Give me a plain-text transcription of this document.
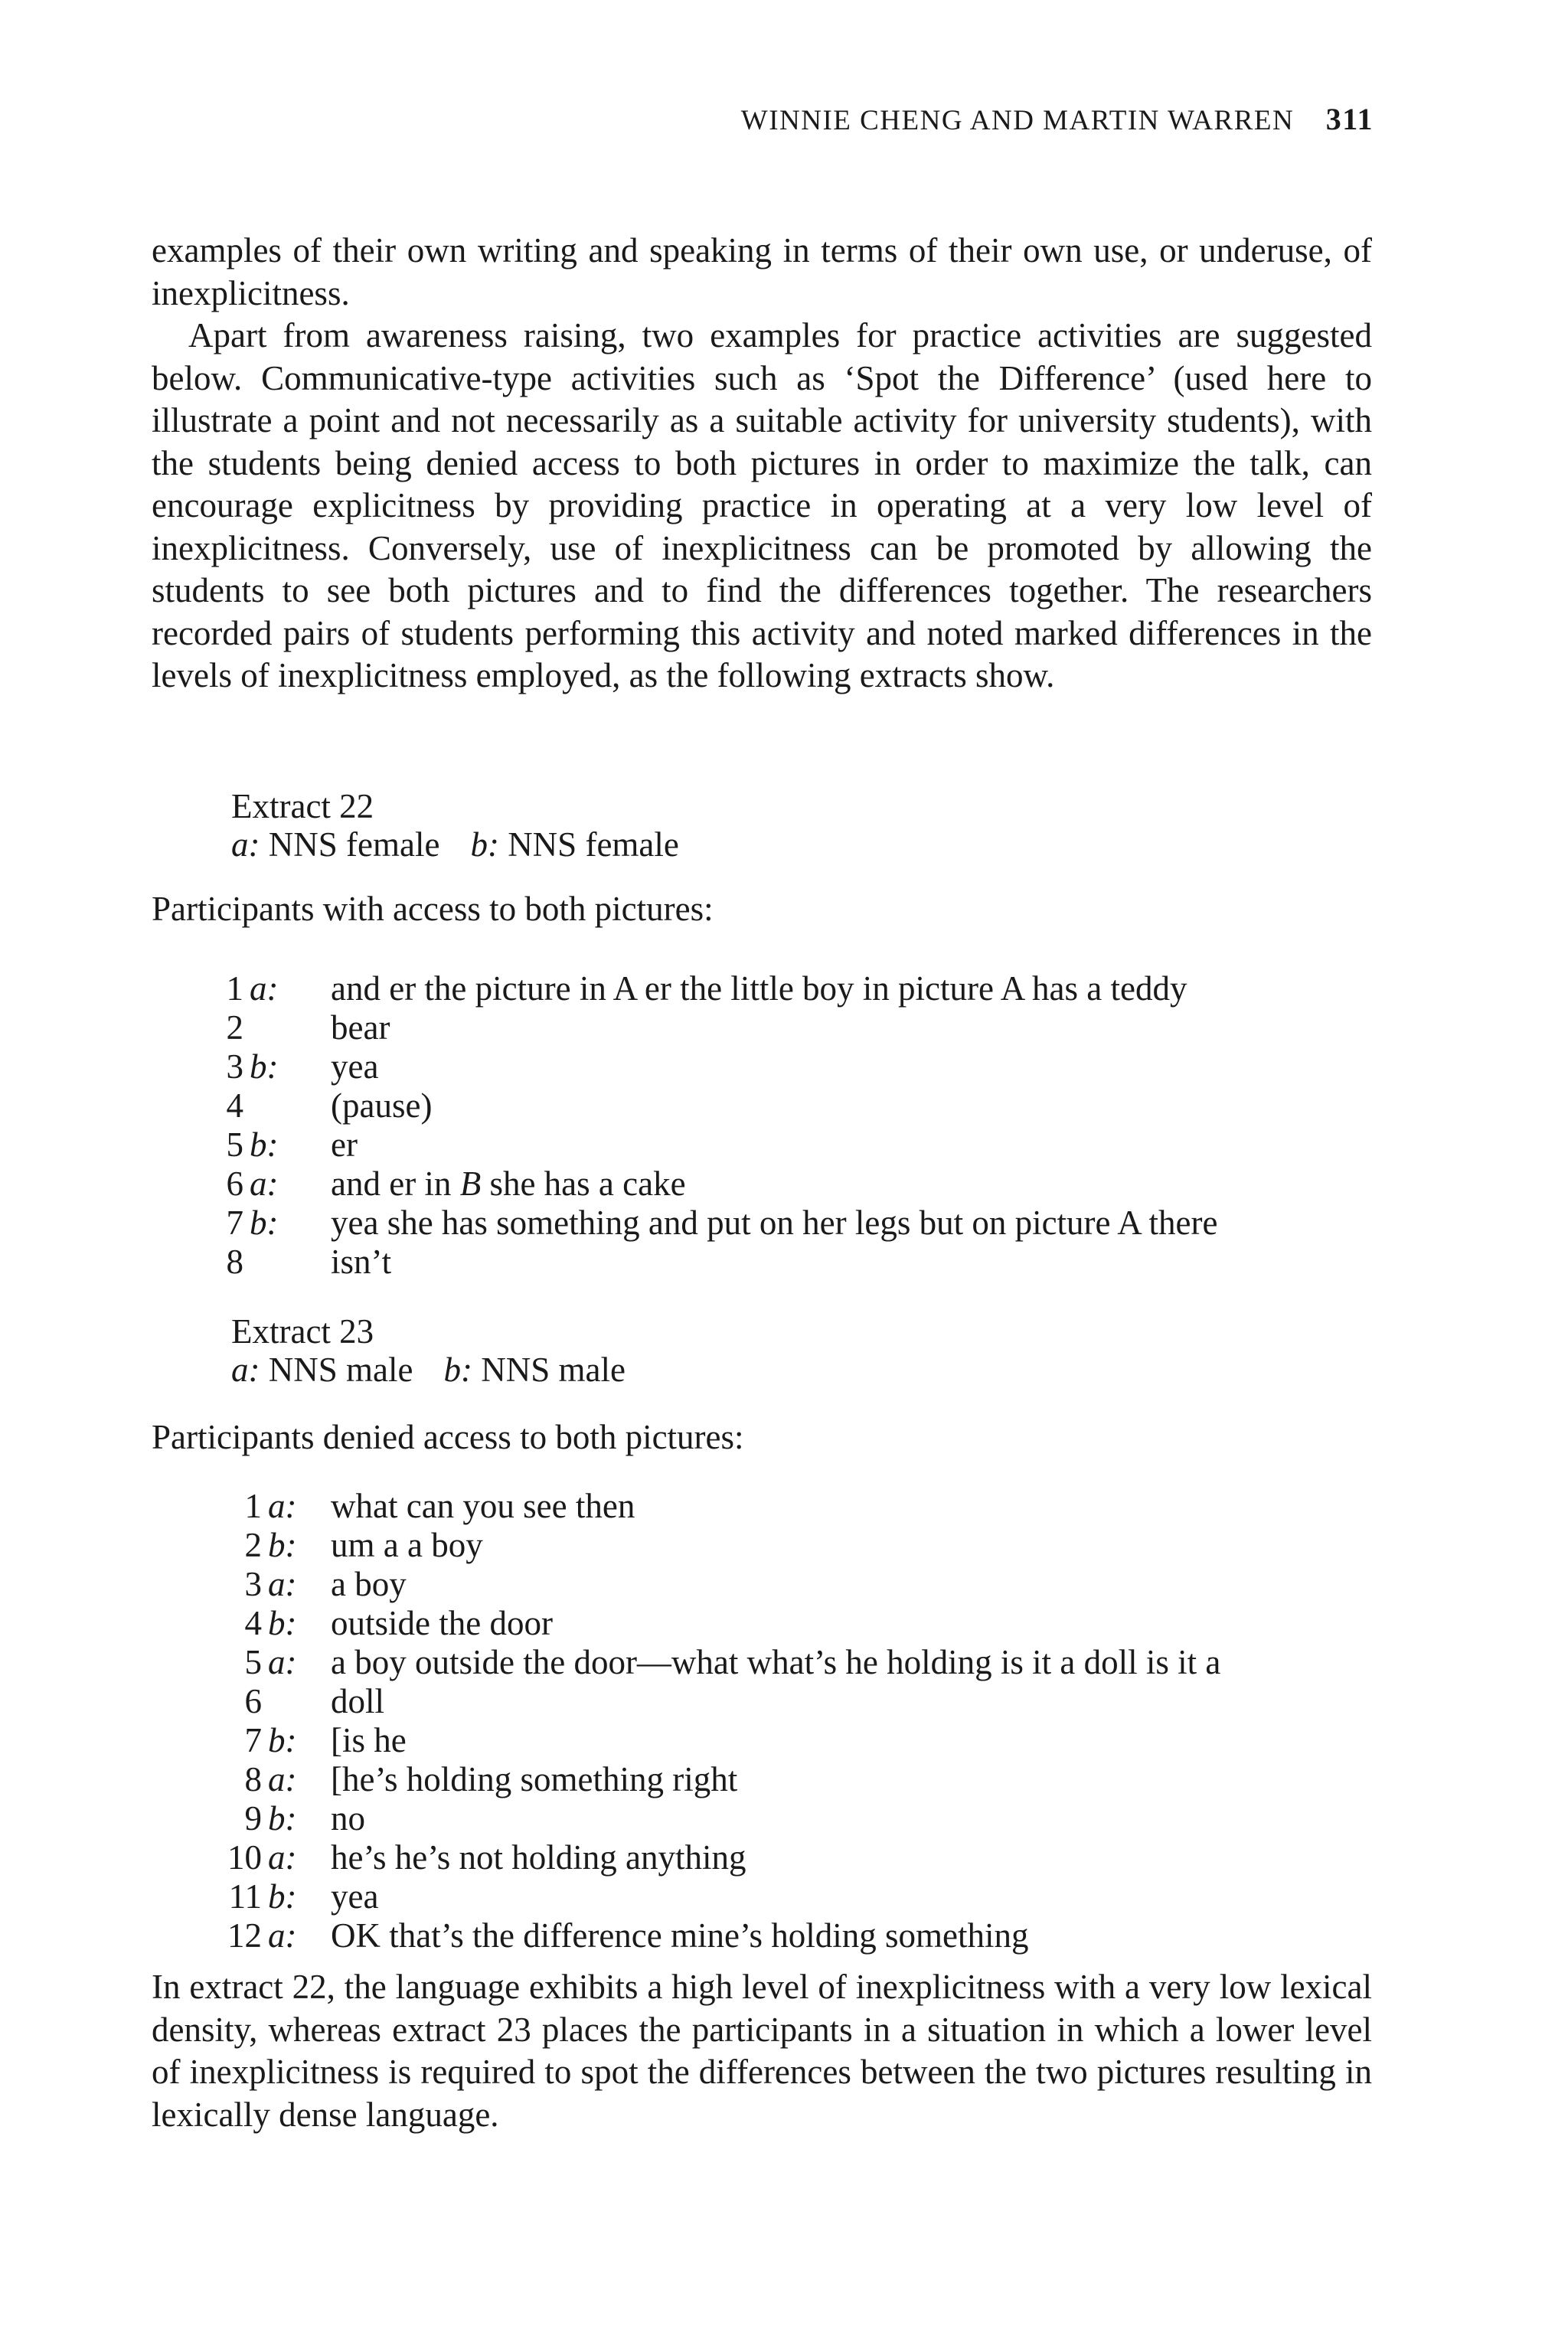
WINNIE CHENG AND MARTIN WARREN 311

examples of their own writing and speaking in terms of their own use, or underuse, of inexplicitness.

Apart from awareness raising, two examples for practice activities are suggested below. Communicative-type activities such as ‘Spot the Difference’ (used here to illustrate a point and not necessarily as a suitable activity for university students), with the students being denied access to both pictures in order to maximize the talk, can encourage explicitness by providing practice in operating at a very low level of inexplicitness. Conversely, use of inexplicitness can be promoted by allowing the students to see both pictures and to find the differences together. The researchers recorded pairs of students performing this activity and noted marked differences in the levels of inexplicitness employed, as the following extracts show.

Extract 22
a: NNS female b: NNS female
Participants with access to both pictures:
1 a:	and er the picture in A er the little boy in picture A has a teddy
2	bear
3 b:	yea
4	(pause)
5 b:	er
6 a:	and er in B she has a cake
7 b:	yea she has something and put on her legs but on picture A there
8	isn’t
Extract 23
a: NNS male b: NNS male
Participants denied access to both pictures:
1 a: what can you see then
2 b: um a a boy
3 a: a boy
4 b: outside the door
5 a: a boy outside the door—what what’s he holding is it a doll is it a
6 doll
7 b: [is he
8 a: [he’s holding something right
9 b: no
10 a: he’s he’s not holding anything
11 b: yea
12 a: OK that’s the difference mine’s holding something

In extract 22, the language exhibits a high level of inexplicitness with a very low lexical density, whereas extract 23 places the participants in a situation in which a lower level of inexplicitness is required to spot the differences between the two pictures resulting in lexically dense language.
